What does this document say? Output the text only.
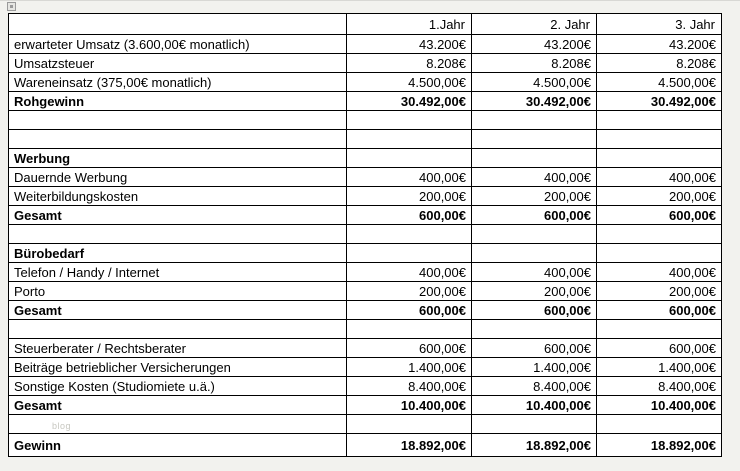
	1.Jahr	2. Jahr	3. Jahr
erwarteter Umsatz (3.600,00€ monatlich)	43.200€	43.200€	43.200€
Umsatzsteuer	8.208€	8.208€	8.208€
Wareneinsatz (375,00€ monatlich)	4.500,00€	4.500,00€	4.500,00€
Rohgewinn	30.492,00€	30.492,00€	30.492,00€

Werbung			
Dauernde Werbung	400,00€	400,00€	400,00€
Weiterbildungskosten	200,00€	200,00€	200,00€
Gesamt	600,00€	600,00€	600,00€

Bürobedarf			
Telefon / Handy / Internet	400,00€	400,00€	400,00€
Porto	200,00€	200,00€	200,00€
Gesamt	600,00€	600,00€	600,00€

Steuerberater / Rechtsberater	600,00€	600,00€	600,00€
Beiträge betrieblicher Versicherungen	1.400,00€	1.400,00€	1.400,00€
Sonstige Kosten (Studiomiete u.ä.)	8.400,00€	8.400,00€	8.400,00€
Gesamt	10.400,00€	10.400,00€	10.400,00€

Gewinn	18.892,00€	18.892,00€	18.892,00€
blog
